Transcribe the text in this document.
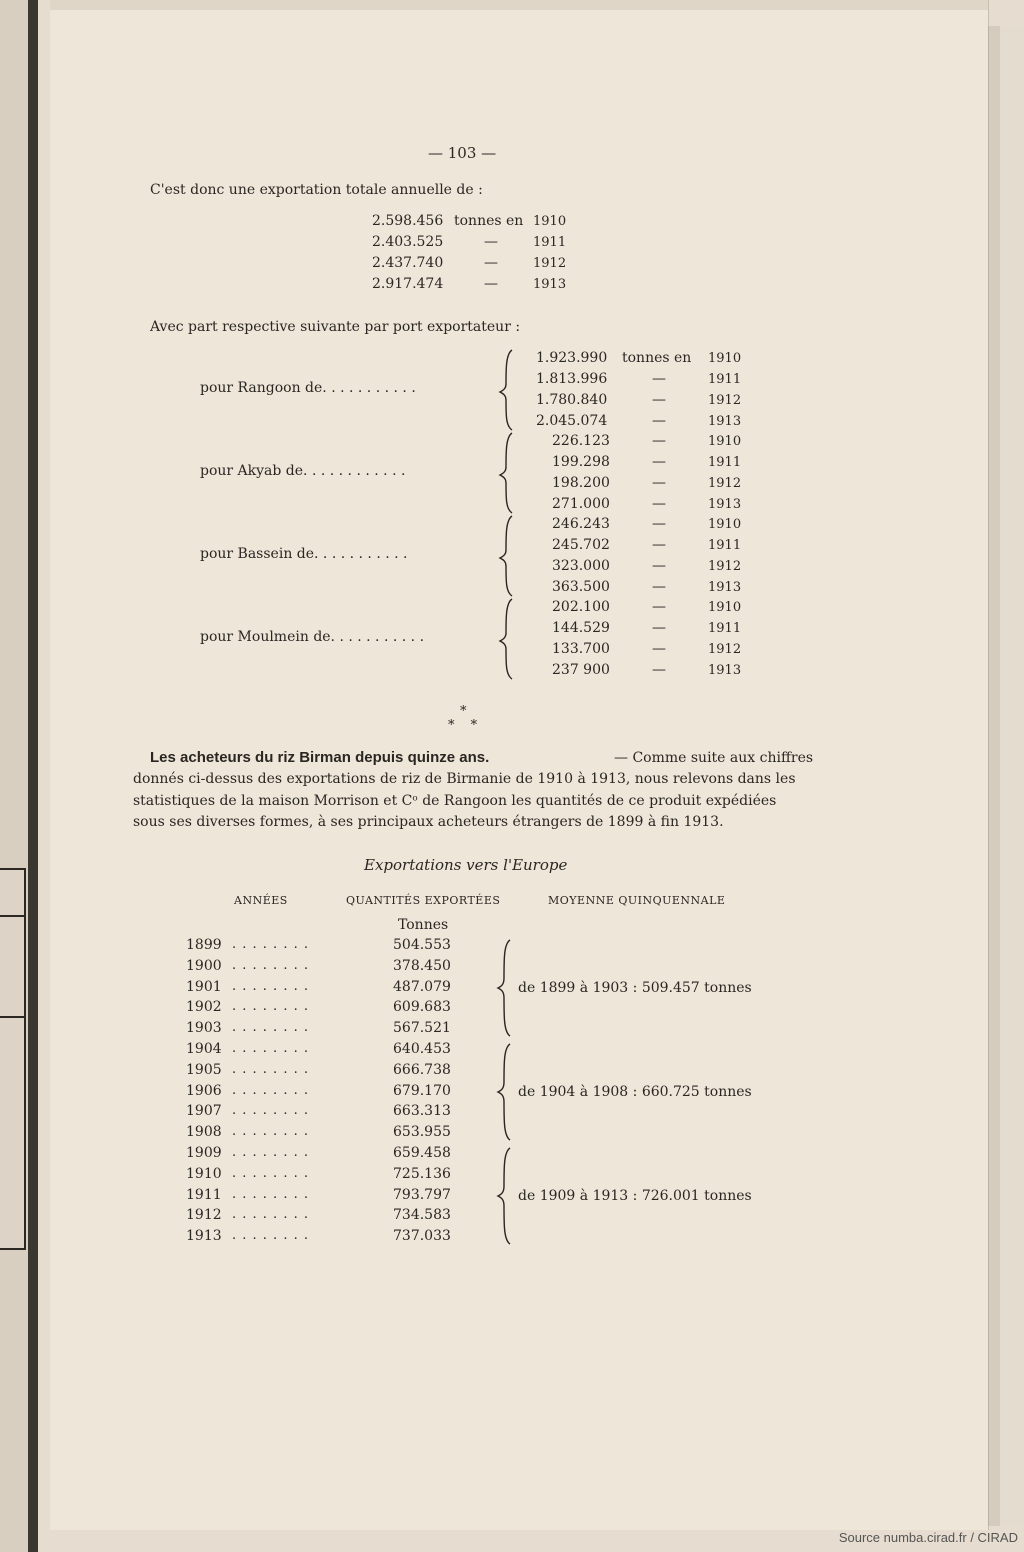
— 103 —
C'est donc une exportation totale annuelle de :
2.598.456 tonnes en 1910
2.403.525	—	1911
2.437.740	—	1912
2.917.474	—	1913
Avec part respective suivante par port exportateur :
pour Rangoon de. . . . . . . . . . .
1.923.990 tonnes en 1910
1.813.996	—	1911
1.780.840	—	1912
2.045.074	—	1913
pour Akyab de. . . . . . . . . . . .
226.123	—	1910
199.298	—	1911
198.200	—	1912
271.000	—	1913
pour Bassein de. . . . . . . . . . .
246.243	—	1910
245.702	—	1911
323.000	—	1912
363.500	—	1913
pour Moulmein de. . . . . . . . . . .
202.100	—	1910
144.529	—	1911
133.700	—	1912
237 900	—	1913
*
* *
Les acheteurs du riz Birman depuis quinze ans.	— Comme suite aux chiffres
donnés ci-dessus des exportations de riz de Birmanie de 1910 à 1913, nous relevons dans les
statistiques de la maison Morrison et Cᵒ de Rangoon les quantités de ce produit expédiées
sous ses diverses formes, à ses principaux acheteurs étrangers de 1899 à fin 1913.
Exportations vers l'Europe
ANNÉES	QUANTITÉS EXPORTÉES	MOYENNE QUINQUENNALE
Tonnes
1899 . . . . . . . .	504.553
1900 . . . . . . . .	378.450
1901 . . . . . . . .	487.079
1902 . . . . . . . .	609.683
1903 . . . . . . . .	567.521
1904 . . . . . . . .	640.453
1905 . . . . . . . .	666.738
1906 . . . . . . . .	679.170
1907 . . . . . . . .	663.313
1908 . . . . . . . .	653.955
1909 . . . . . . . .	659.458
1910 . . . . . . . .	725.136
1911 . . . . . . . .	793.797
1912 . . . . . . . .	734.583
1913 . . . . . . . .	737.033
de 1899 à 1903 : 509.457 tonnes
de 1904 à 1908 : 660.725 tonnes
de 1909 à 1913 : 726.001 tonnes
Source numba.cirad.fr / CIRAD
